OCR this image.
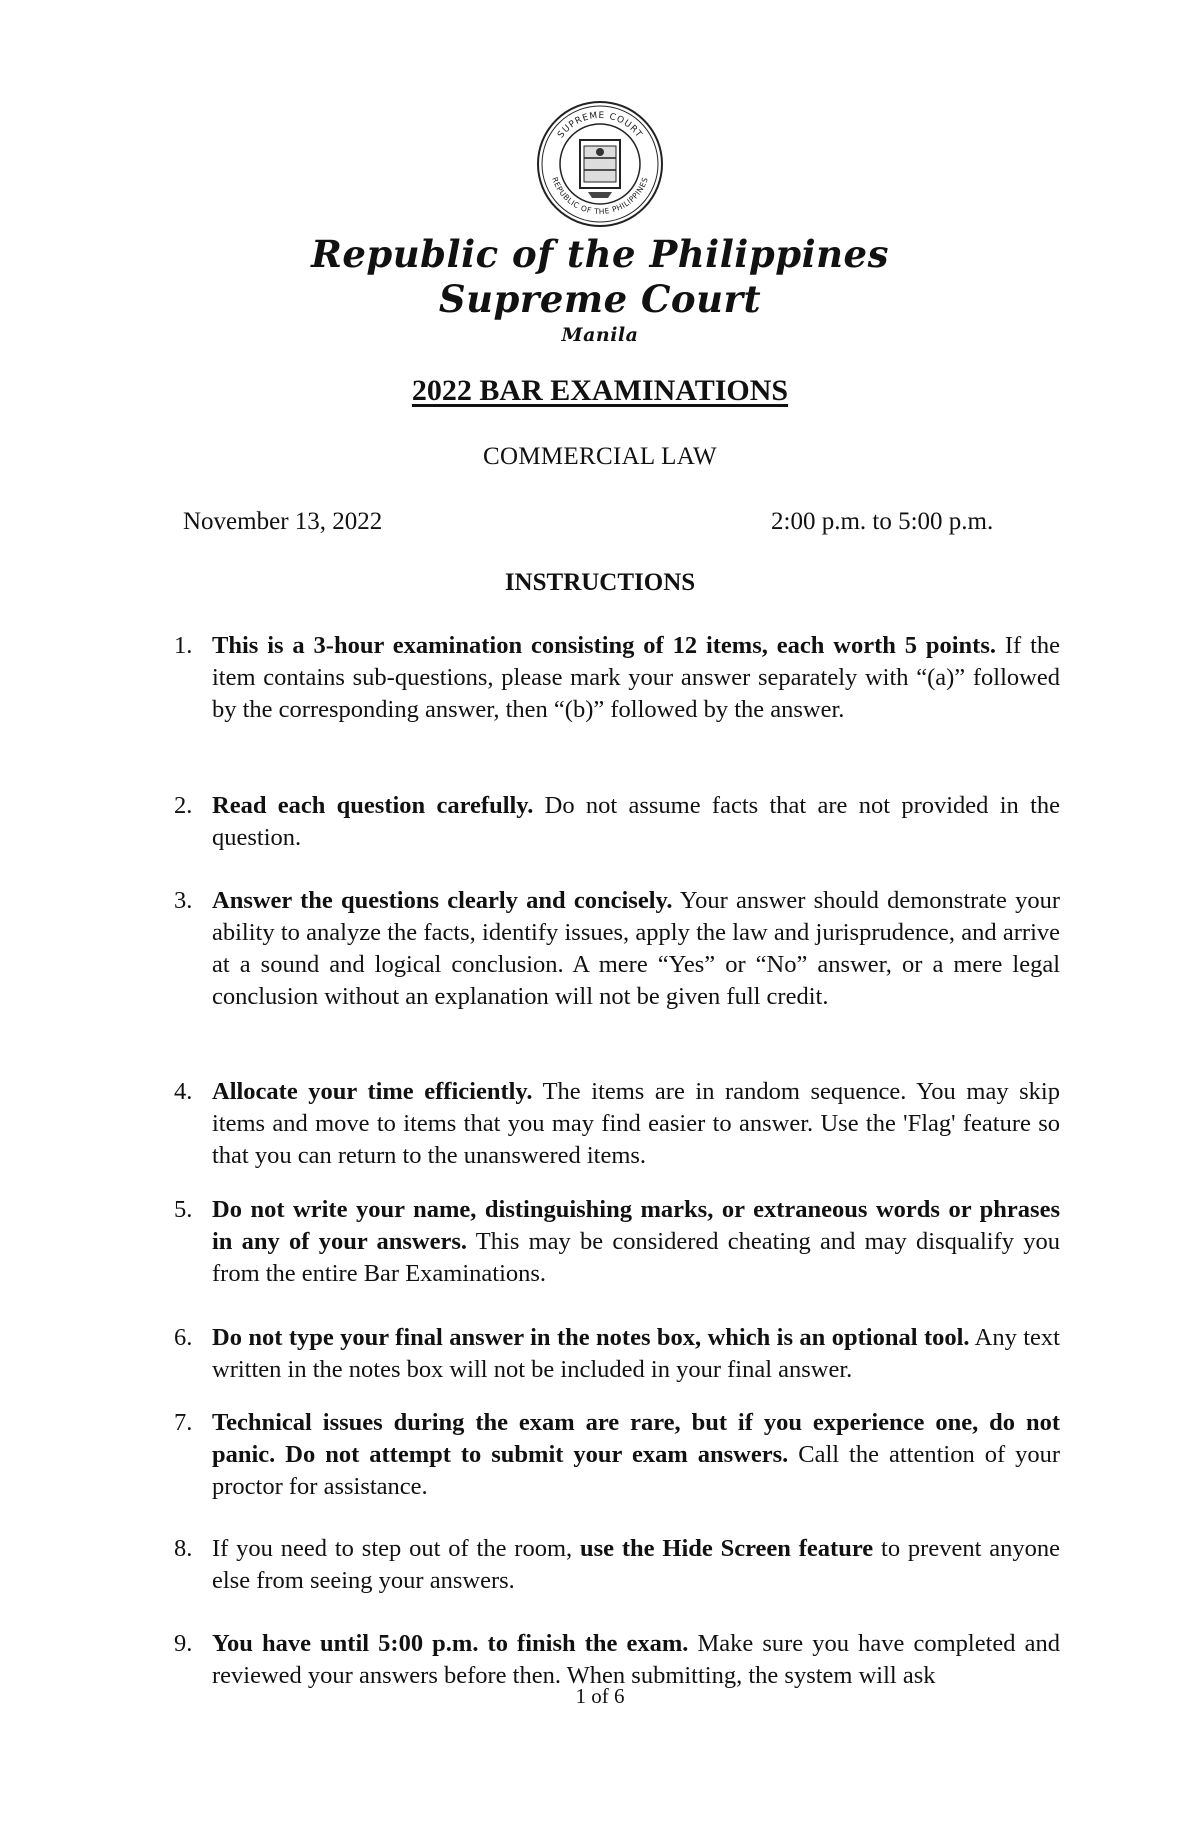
SUPREME COURT
REPUBLIC OF THE PHILIPPINES
Republic of the Philippines
Supreme Court
Manila
2022 BAR EXAMINATIONS
COMMERCIAL LAW
November 13, 2022	2:00 p.m. to 5:00 p.m.
INSTRUCTIONS
1. This is a 3-hour examination consisting of 12 items, each worth 5 points. If the item contains sub-questions, please mark your answer separately with “(a)” followed by the corresponding answer, then “(b)” followed by the answer.
2. Read each question carefully. Do not assume facts that are not provided in the question.
3. Answer the questions clearly and concisely. Your answer should demonstrate your ability to analyze the facts, identify issues, apply the law and jurisprudence, and arrive at a sound and logical conclusion. A mere “Yes” or “No” answer, or a mere legal conclusion without an explanation will not be given full credit.
4. Allocate your time efficiently. The items are in random sequence. You may skip items and move to items that you may find easier to answer. Use the 'Flag' feature so that you can return to the unanswered items.
5. Do not write your name, distinguishing marks, or extraneous words or phrases in any of your answers. This may be considered cheating and may disqualify you from the entire Bar Examinations.
6. Do not type your final answer in the notes box, which is an optional tool. Any text written in the notes box will not be included in your final answer.
7. Technical issues during the exam are rare, but if you experience one, do not panic. Do not attempt to submit your exam answers. Call the attention of your proctor for assistance.
8. If you need to step out of the room, use the Hide Screen feature to prevent anyone else from seeing your answers.
9. You have until 5:00 p.m. to finish the exam. Make sure you have completed and reviewed your answers before then. When submitting, the system will ask
1 of 6
